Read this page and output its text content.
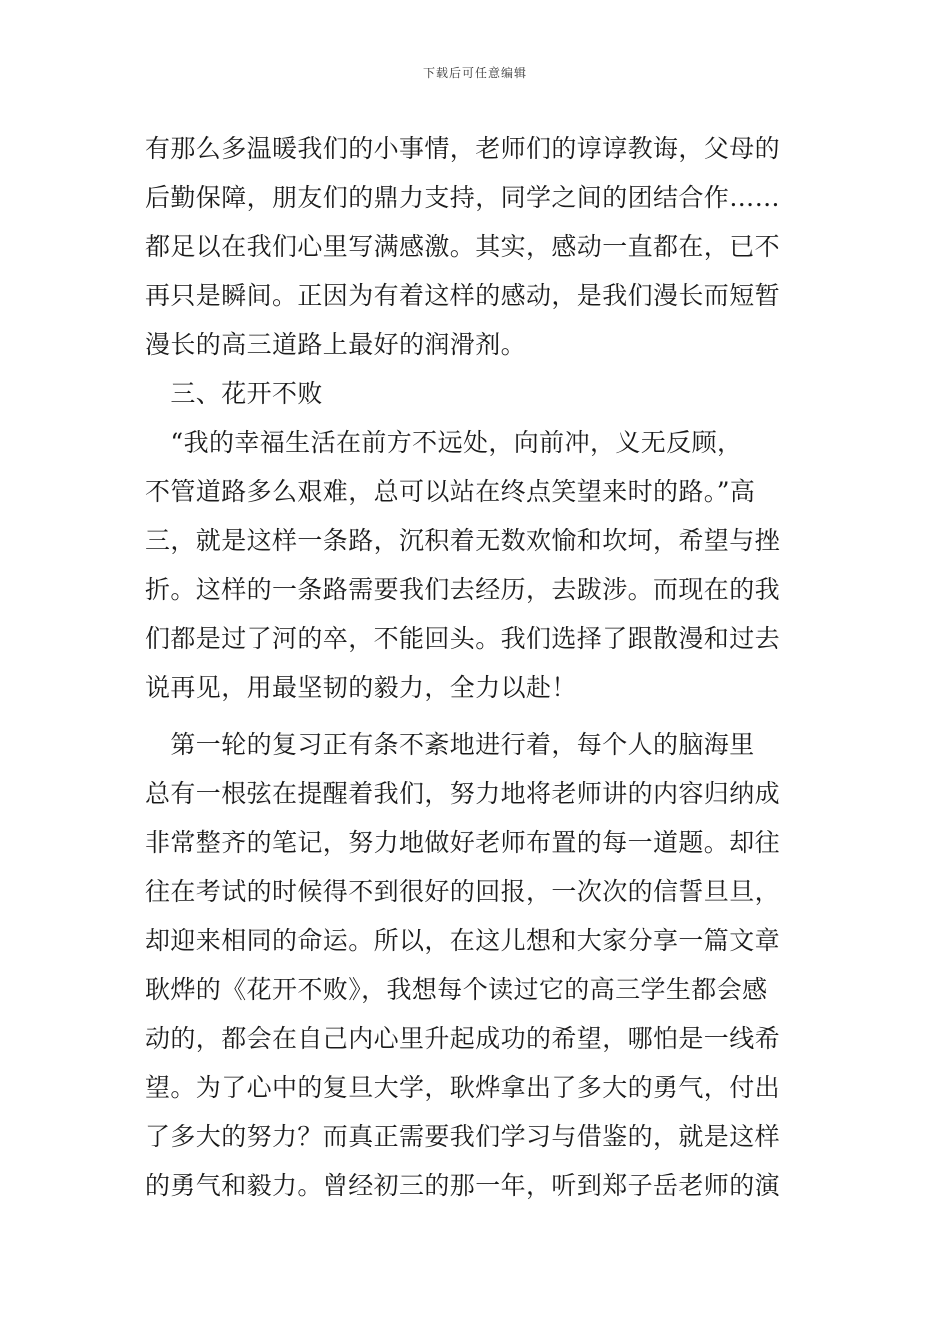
下载后可任意编辑
有那么多温暖我们的小事情，老师们的谆谆教诲，父母的
后勤保障，朋友们的鼎力支持，同学之间的团结合作……
都足以在我们心里写满感激。其实，感动一直都在，已不
再只是瞬间。正因为有着这样的感动，是我们漫长而短暂
漫长的高三道路上最好的润滑剂。
　三、花开不败
　“我的幸福生活在前方不远处，向前冲，义无反顾，
不管道路多么艰难，总可以站在终点笑望来时的路。”高
三，就是这样一条路，沉积着无数欢愉和坎坷，希望与挫
折。这样的一条路需要我们去经历，去跋涉。而现在的我
们都是过了河的卒，不能回头。我们选择了跟散漫和过去
说再见，用最坚韧的毅力，全力以赴！
　第一轮的复习正有条不紊地进行着，每个人的脑海里
总有一根弦在提醒着我们，努力地将老师讲的内容归纳成
非常整齐的笔记，努力地做好老师布置的每一道题。却往
往在考试的时候得不到很好的回报，一次次的信誓旦旦，
却迎来相同的命运。所以，在这儿想和大家分享一篇文章
耿烨的《花开不败》，我想每个读过它的高三学生都会感
动的，都会在自己内心里升起成功的希望，哪怕是一线希
望。为了心中的复旦大学，耿烨拿出了多大的勇气，付出
了多大的努力？而真正需要我们学习与借鉴的，就是这样
的勇气和毅力。曾经初三的那一年，听到郑子岳老师的演
